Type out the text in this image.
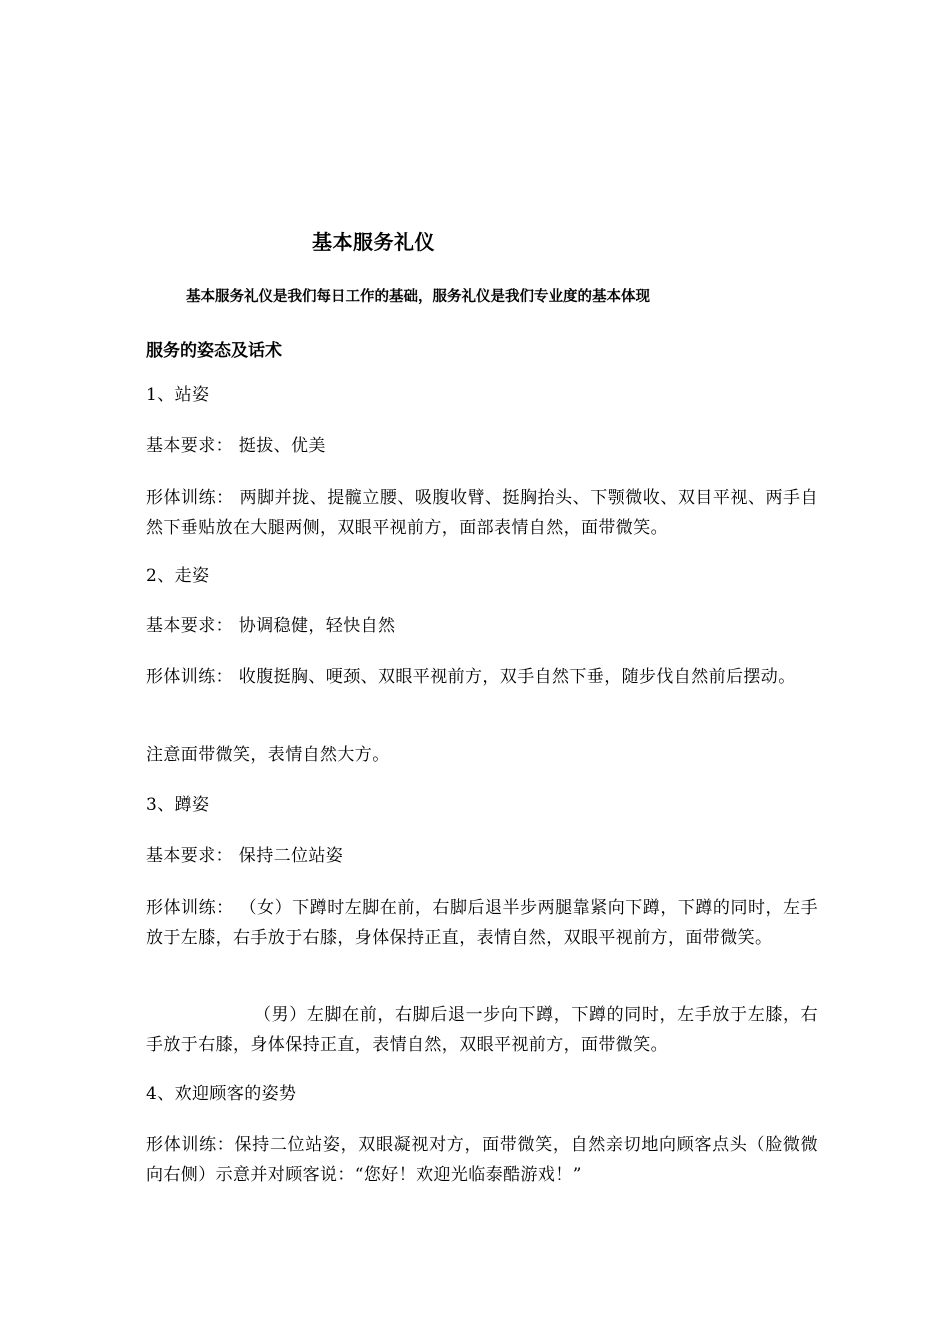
基本服务礼仪
基本服务礼仪是我们每日工作的基础，服务礼仪是我们专业度的基本体现
服务的姿态及话术
1、站姿
基本要求： 挺拔、优美
形体训练： 两脚并拢、提髋立腰、吸腹收臂、挺胸抬头、下颚微收、双目平视、两手自然下垂贴放在大腿两侧，双眼平视前方，面部表情自然，面带微笑。
2、走姿
基本要求： 协调稳健，轻快自然
形体训练： 收腹挺胸、哽颈、双眼平视前方，双手自然下垂，随步伐自然前后摆动。
注意面带微笑，表情自然大方。
3、蹲姿
基本要求： 保持二位站姿
形体训练： （女）下蹲时左脚在前，右脚后退半步两腿靠紧向下蹲，下蹲的同时，左手放于左膝，右手放于右膝，身体保持正直，表情自然，双眼平视前方，面带微笑。
（男）左脚在前，右脚后退一步向下蹲，下蹲的同时，左手放于左膝，右手放于右膝，身体保持正直，表情自然，双眼平视前方，面带微笑。
4、欢迎顾客的姿势
形体训练：保持二位站姿，双眼凝视对方，面带微笑，自然亲切地向顾客点头（脸微微向右侧）示意并对顾客说：“您好！欢迎光临泰酷游戏！”
